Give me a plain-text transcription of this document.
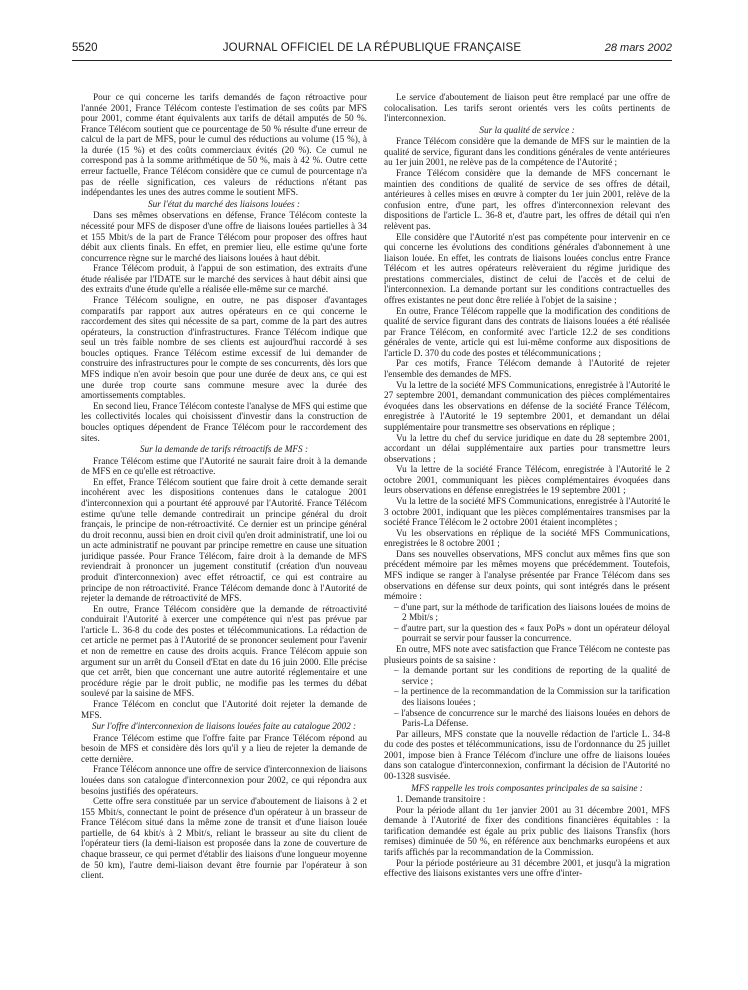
5520	JOURNAL OFFICIEL DE LA RÉPUBLIQUE FRANÇAISE	28 mars 2002

Pour ce qui concerne les tarifs demandés de façon rétroactive pour l'année 2001, France Télécom conteste l'estimation de ses coûts par MFS pour 2001, comme étant équivalents aux tarifs de détail amputés de 50 %. France Télécom soutient que ce pourcentage de 50 % résulte d'une erreur de calcul de la part de MFS, pour le cumul des réductions au volume (15 %), à la durée (15 %) et des coûts commerciaux évités (20 %). Ce cumul ne correspond pas à la somme arithmétique de 50 %, mais à 42 %. Outre cette erreur factuelle, France Télécom considère que ce cumul de pourcentage n'a pas de réelle signification, ces valeurs de réductions n'étant pas indépendantes les unes des autres comme le soutient MFS.

Sur l'état du marché des liaisons louées :

Dans ses mêmes observations en défense, France Télécom conteste la nécessité pour MFS de disposer d'une offre de liaisons louées partielles à 34 et 155 Mbit/s de la part de France Télécom pour proposer des offres haut débit aux clients finals. En effet, en premier lieu, elle estime qu'une forte concurrence règne sur le marché des liaisons louées à haut débit.

France Télécom produit, à l'appui de son estimation, des extraits d'une étude réalisée par l'IDATE sur le marché des services à haut débit ainsi que des extraits d'une étude qu'elle a réalisée elle-même sur ce marché.

France Télécom souligne, en outre, ne pas disposer d'avantages comparatifs par rapport aux autres opérateurs en ce qui concerne le raccordement des sites qui nécessite de sa part, comme de la part des autres opérateurs, la construction d'infrastructures. France Télécom indique que seul un très faible nombre de ses clients est aujourd'hui raccordé à ses boucles optiques. France Télécom estime excessif de lui demander de construire des infrastructures pour le compte de ses concurrents, dès lors que MFS indique n'en avoir besoin que pour une durée de deux ans, ce qui est une durée trop courte sans commune mesure avec la durée des amortissements comptables.

En second lieu, France Télécom conteste l'analyse de MFS qui estime que les collectivités locales qui choisissent d'investir dans la construction de boucles optiques dépendent de France Télécom pour le raccordement des sites.

Sur la demande de tarifs rétroactifs de MFS :

France Télécom estime que l'Autorité ne saurait faire droit à la demande de MFS en ce qu'elle est rétroactive.

En effet, France Télécom soutient que faire droit à cette demande serait incohérent avec les dispositions contenues dans le catalogue 2001 d'interconnexion qui a pourtant été approuvé par l'Autorité. France Télécom estime qu'une telle demande contredirait un principe général du droit français, le principe de non-rétroactivité. Ce dernier est un principe général du droit reconnu, aussi bien en droit civil qu'en droit administratif, une loi ou un acte administratif ne pouvant par principe remettre en cause une situation juridique passée. Pour France Télécom, faire droit à la demande de MFS reviendrait à prononcer un jugement constitutif (création d'un nouveau produit d'interconnexion) avec effet rétroactif, ce qui est contraire au principe de non rétroactivité. France Télécom demande donc à l'Autorité de rejeter la demande de rétroactivité de MFS.

En outre, France Télécom considère que la demande de rétroactivité conduirait l'Autorité à exercer une compétence qui n'est pas prévue par l'article L. 36-8 du code des postes et télécommunications. La rédaction de cet article ne permet pas à l'Autorité de se prononcer seulement pour l'avenir et non de remettre en cause des droits acquis. France Télécom appuie son argument sur un arrêt du Conseil d'Etat en date du 16 juin 2000. Elle précise que cet arrêt, bien que concernant une autre autorité réglementaire et une procédure régie par le droit public, ne modifie pas les termes du débat soulevé par la saisine de MFS.

France Télécom en conclut que l'Autorité doit rejeter la demande de MFS.

Sur l'offre d'interconnexion de liaisons louées faite au catalogue 2002 :

France Télécom estime que l'offre faite par France Télécom répond au besoin de MFS et considère dès lors qu'il y a lieu de rejeter la demande de cette dernière.

France Télécom annonce une offre de service d'interconnexion de liaisons louées dans son catalogue d'interconnexion pour 2002, ce qui répondra aux besoins justifiés des opérateurs.

Cette offre sera constituée par un service d'aboutement de liaisons à 2 et 155 Mbit/s, connectant le point de présence d'un opérateur à un brasseur de France Télécom situé dans la même zone de transit et d'une liaison louée partielle, de 64 kbit/s à 2 Mbit/s, reliant le brasseur au site du client de l'opérateur tiers (la demi-liaison est proposée dans la zone de couverture de chaque brasseur, ce qui permet d'établir des liaisons d'une longueur moyenne de 50 km), l'autre demi-liaison devant être fournie par l'opérateur à son client.

Le service d'aboutement de liaison peut être remplacé par une offre de colocalisation. Les tarifs seront orientés vers les coûts pertinents de l'interconnexion.

Sur la qualité de service :

France Télécom considère que la demande de MFS sur le maintien de la qualité de service, figurant dans les conditions générales de vente antérieures au 1er juin 2001, ne relève pas de la compétence de l'Autorité ;

France Télécom considère que la demande de MFS concernant le maintien des conditions de qualité de service de ses offres de détail, antérieures à celles mises en œuvre à compter du 1er juin 2001, relève de la confusion entre, d'une part, les offres d'interconnexion relevant des dispositions de l'article L. 36-8 et, d'autre part, les offres de détail qui n'en relèvent pas.

Elle considère que l'Autorité n'est pas compétente pour intervenir en ce qui concerne les évolutions des conditions générales d'abonnement à une liaison louée. En effet, les contrats de liaisons louées conclus entre France Télécom et les autres opérateurs relèveraient du régime juridique des prestations commerciales, distinct de celui de l'accès et de celui de l'interconnexion. La demande portant sur les conditions contractuelles des offres existantes ne peut donc être reliée à l'objet de la saisine ;

En outre, France Télécom rappelle que la modification des conditions de qualité de service figurant dans des contrats de liaisons louées a été réalisée par France Télécom, en conformité avec l'article 12.2 de ses conditions générales de vente, article qui est lui-même conforme aux dispositions de l'article D. 370 du code des postes et télécommunications ;

Par ces motifs, France Télécom demande à l'Autorité de rejeter l'ensemble des demandes de MFS.

Vu la lettre de la société MFS Communications, enregistrée à l'Autorité le 27 septembre 2001, demandant communication des pièces complémentaires évoquées dans les observations en défense de la société France Télécom, enregistrée à l'Autorité le 19 septembre 2001, et demandant un délai supplémentaire pour transmettre ses observations en réplique ;

Vu la lettre du chef du service juridique en date du 28 septembre 2001, accordant un délai supplémentaire aux parties pour transmettre leurs observations ;

Vu la lettre de la société France Télécom, enregistrée à l'Autorité le 2 octobre 2001, communiquant les pièces complémentaires évoquées dans leurs observations en défense enregistrées le 19 septembre 2001 ;

Vu la lettre de la société MFS Communications, enregistrée à l'Autorité le 3 octobre 2001, indiquant que les pièces complémentaires transmises par la société France Télécom le 2 octobre 2001 étaient incomplètes ;

Vu les observations en réplique de la société MFS Communications, enregistrées le 8 octobre 2001 ;

Dans ses nouvelles observations, MFS conclut aux mêmes fins que son précédent mémoire par les mêmes moyens que précédemment. Toutefois, MFS indique se ranger à l'analyse présentée par France Télécom dans ses observations en défense sur deux points, qui sont intégrés dans le présent mémoire :

– d'une part, sur la méthode de tarification des liaisons louées de moins de 2 Mbit/s ;

– d'autre part, sur la question des « faux PoPs » dont un opérateur déloyal pourrait se servir pour fausser la concurrence.

En outre, MFS note avec satisfaction que France Télécom ne conteste pas plusieurs points de sa saisine :

– la demande portant sur les conditions de reporting de la qualité de service ;

– la pertinence de la recommandation de la Commission sur la tarification des liaisons louées ;

– l'absence de concurrence sur le marché des liaisons louées en dehors de Paris-La Défense.

Par ailleurs, MFS constate que la nouvelle rédaction de l'article L. 34-8 du code des postes et télécommunications, issu de l'ordonnance du 25 juillet 2001, impose bien à France Télécom d'inclure une offre de liaisons louées dans son catalogue d'interconnexion, confirmant la décision de l'Autorité no 00-1328 susvisée.

MFS rappelle les trois composantes principales de sa saisine :

1. Demande transitoire :

Pour la période allant du 1er janvier 2001 au 31 décembre 2001, MFS demande à l'Autorité de fixer des conditions financières équitables : la tarification demandée est égale au prix public des liaisons Transfix (hors remises) diminuée de 50 %, en référence aux benchmarks européens et aux tarifs affichés par la recommandation de la Commission.

Pour la période postérieure au 31 décembre 2001, et jusqu'à la migration effective des liaisons existantes vers une offre d'inter-
